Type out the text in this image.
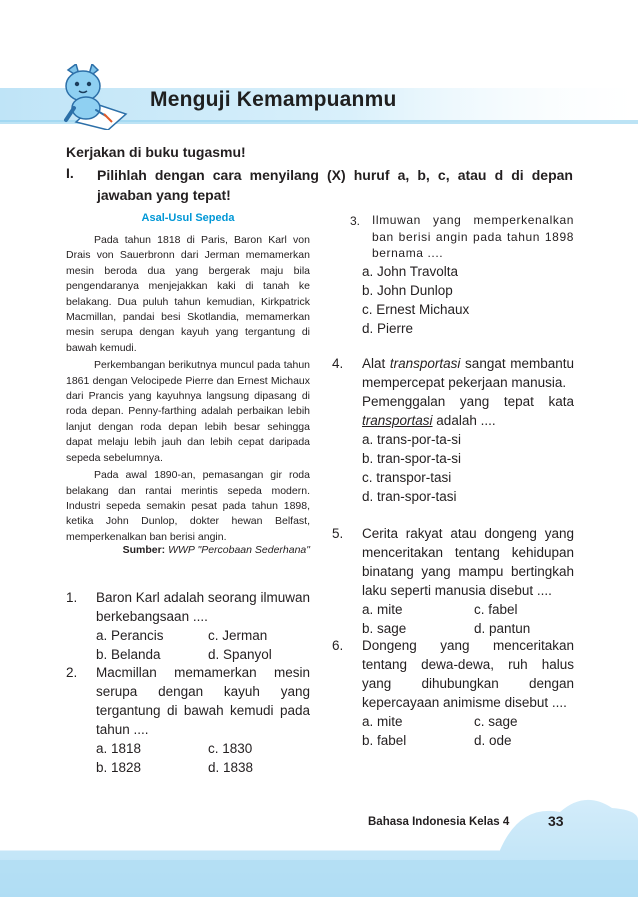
Menguji Kemampuanmu
Kerjakan di buku tugasmu!
I. Pilihlah dengan cara menyilang (X) huruf a, b, c, atau d di depan jawaban yang tepat!
Asal-Usul Sepeda

Pada tahun 1818 di Paris, Baron Karl von Drais von Sauerbronn dari Jerman memamerkan mesin beroda dua yang bergerak maju bila pengendaranya menjejakkan kaki di tanah ke belakang. Dua puluh tahun kemudian, Kirkpatrick Macmillan, pandai besi Skotlandia, memamerkan mesin serupa dengan kayuh yang tergantung di bawah kemudi.

Perkembangan berikutnya muncul pada tahun 1861 dengan Velocipede Pierre dan Ernest Michaux dari Prancis yang kayuhnya langsung dipasang di roda depan. Penny-farthing adalah perbaikan lebih lanjut dengan roda depan lebih besar sehingga dapat melaju lebih jauh dan lebih cepat daripada sepeda sebelumnya.

Pada awal 1890-an, pemasangan gir roda belakang dan rantai merintis sepeda modern. Industri sepeda semakin pesat pada tahun 1898, ketika John Dunlop, dokter hewan Belfast, memperkenalkan ban berisi angin.

Sumber: WWP "Percobaan Sederhana"
1. Baron Karl adalah seorang ilmuwan berkebangsaan ....
a. Perancis	c. Jerman
b. Belanda	d. Spanyol
2. Macmillan memamerkan mesin serupa dengan kayuh yang tergantung di bawah kemudi pada tahun ....
a. 1818	c. 1830
b. 1828	d. 1838
3. Ilmuwan yang memperkenalkan ban berisi angin pada tahun 1898 bernama ....
a. John Travolta
b. John Dunlop
c. Ernest Michaux
d. Pierre
4. Alat transportasi sangat membantu mempercepat pekerjaan manusia.
Pemenggalan yang tepat kata transportasi adalah ....
a. trans-por-ta-si
b. tran-spor-ta-si
c. transpor-tasi
d. tran-spor-tasi
5. Cerita rakyat atau dongeng yang menceritakan tentang kehidupan binatang yang mampu bertingkah laku seperti manusia disebut ....
a. mite	c. fabel
b. sage	d. pantun
6. Dongeng yang menceritakan tentang dewa-dewa, ruh halus yang dihubungkan dengan kepercayaan animisme disebut ....
a. mite	c. sage
b. fabel	d. ode
Bahasa Indonesia Kelas 4	33
